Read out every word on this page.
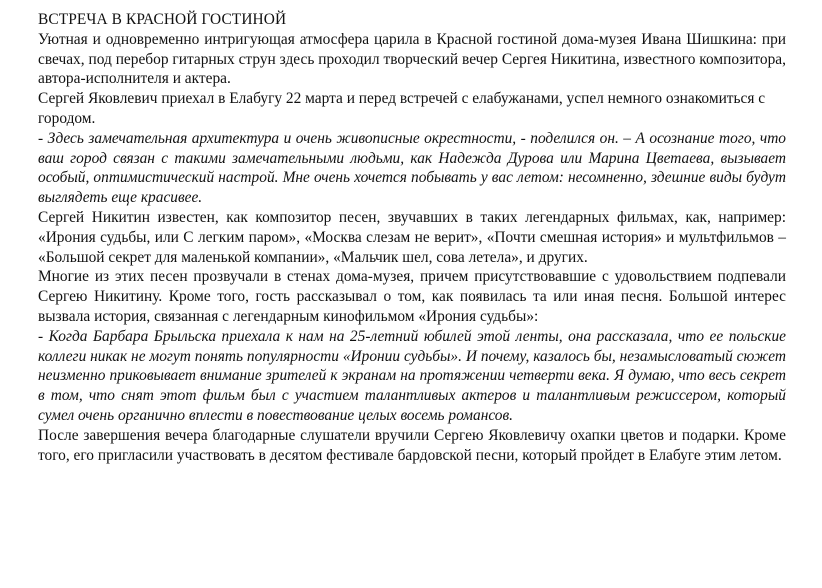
ВСТРЕЧА В КРАСНОЙ ГОСТИНОЙ

Уютная и одновременно интригующая атмосфера царила в Красной гостиной дома-музея Ивана Шишкина: при свечах, под перебор гитарных струн здесь проходил творческий вечер Сергея Никитина, известного композитора, автора-исполнителя и актера.

Сергей Яковлевич приехал в Елабугу 22 марта и перед встречей с елабужанами, успел немного ознакомиться с городом.

- Здесь замечательная архитектура и очень живописные окрестности, - поделился он. – А осознание того, что ваш город связан с такими замечательными людьми, как Надежда Дурова или Марина Цветаева, вызывает особый, оптимистический настрой. Мне очень хочется побывать у вас летом: несомненно, здешние виды будут выглядеть еще красивее.

Сергей Никитин известен, как композитор песен, звучавших в таких легендарных фильмах, как, например: «Ирония судьбы, или С легким паром», «Москва слезам не верит», «Почти смешная история» и мультфильмов – «Большой секрет для маленькой компании», «Мальчик шел, сова летела», и других.

Многие из этих песен прозвучали в стенах дома-музея, причем присутствовавшие с удовольствием подпевали Сергею Никитину. Кроме того, гость рассказывал о том, как появилась та или иная песня. Большой интерес вызвала история, связанная с легендарным кинофильмом «Ирония судьбы»:

- Когда Барбара Брыльска приехала к нам на 25-летний юбилей этой ленты, она рассказала, что ее польские коллеги никак не могут понять популярности «Иронии судьбы». И почему, казалось бы, незамысловатый сюжет неизменно приковывает внимание зрителей к экранам на протяжении четверти века. Я думаю, что весь секрет в том, что снят этот фильм был с участием талантливых актеров и талантливым режиссером, который сумел очень органично вплести в повествование целых восемь романсов.

После завершения вечера благодарные слушатели вручили Сергею Яковлевичу охапки цветов и подарки. Кроме того, его пригласили участвовать в десятом фестивале бардовской песни, который пройдет в Елабуге этим летом.
